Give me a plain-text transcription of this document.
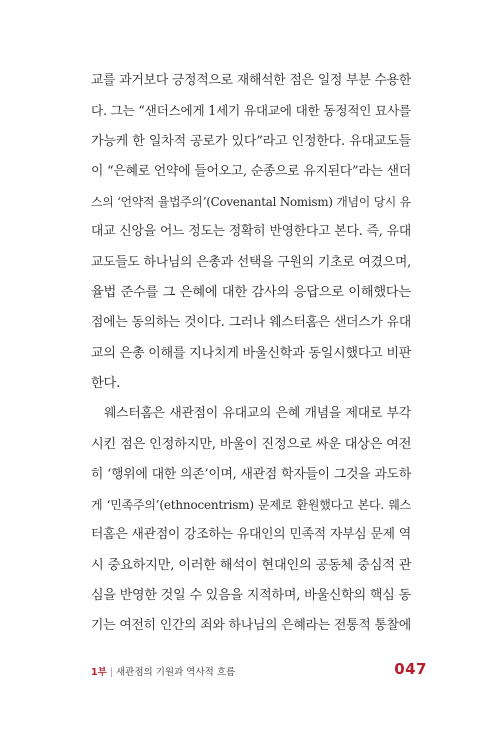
교를 과거보다 긍정적으로 재해석한 점은 일정 부분 수용한
다. 그는 “샌더스에게 1세기 유대교에 대한 동정적인 묘사를
가능케 한 일차적 공로가 있다”라고 인정한다. 유대교도들
이 “은혜로 언약에 들어오고, 순종으로 유지된다”라는 샌더
스의 ‘언약적 율법주의’(Covenantal Nomism) 개념이 당시 유
대교 신앙을 어느 정도는 정확히 반영한다고 본다. 즉, 유대
교도들도 하나님의 은총과 선택을 구원의 기초로 여겼으며,
율법 준수를 그 은혜에 대한 감사의 응답으로 이해했다는
점에는 동의하는 것이다. 그러나 웨스터홈은 샌더스가 유대
교의 은총 이해를 지나치게 바울신학과 동일시했다고 비판
한다.
웨스터홈은 새관점이 유대교의 은혜 개념을 제대로 부각
시킨 점은 인정하지만, 바울이 진정으로 싸운 대상은 여전
히 ‘행위에 대한 의존’이며, 새관점 학자들이 그것을 과도하
게 ‘민족주의’(ethnocentrism) 문제로 환원했다고 본다. 웨스
터홈은 새관점이 강조하는 유대인의 민족적 자부심 문제 역
시 중요하지만, 이러한 해석이 현대인의 공동체 중심적 관
심을 반영한 것일 수 있음을 지적하며, 바울신학의 핵심 동
기는 여전히 인간의 죄와 하나님의 은혜라는 전통적 통찰에
1부 | 새관점의 기원과 역사적 흐름	047
